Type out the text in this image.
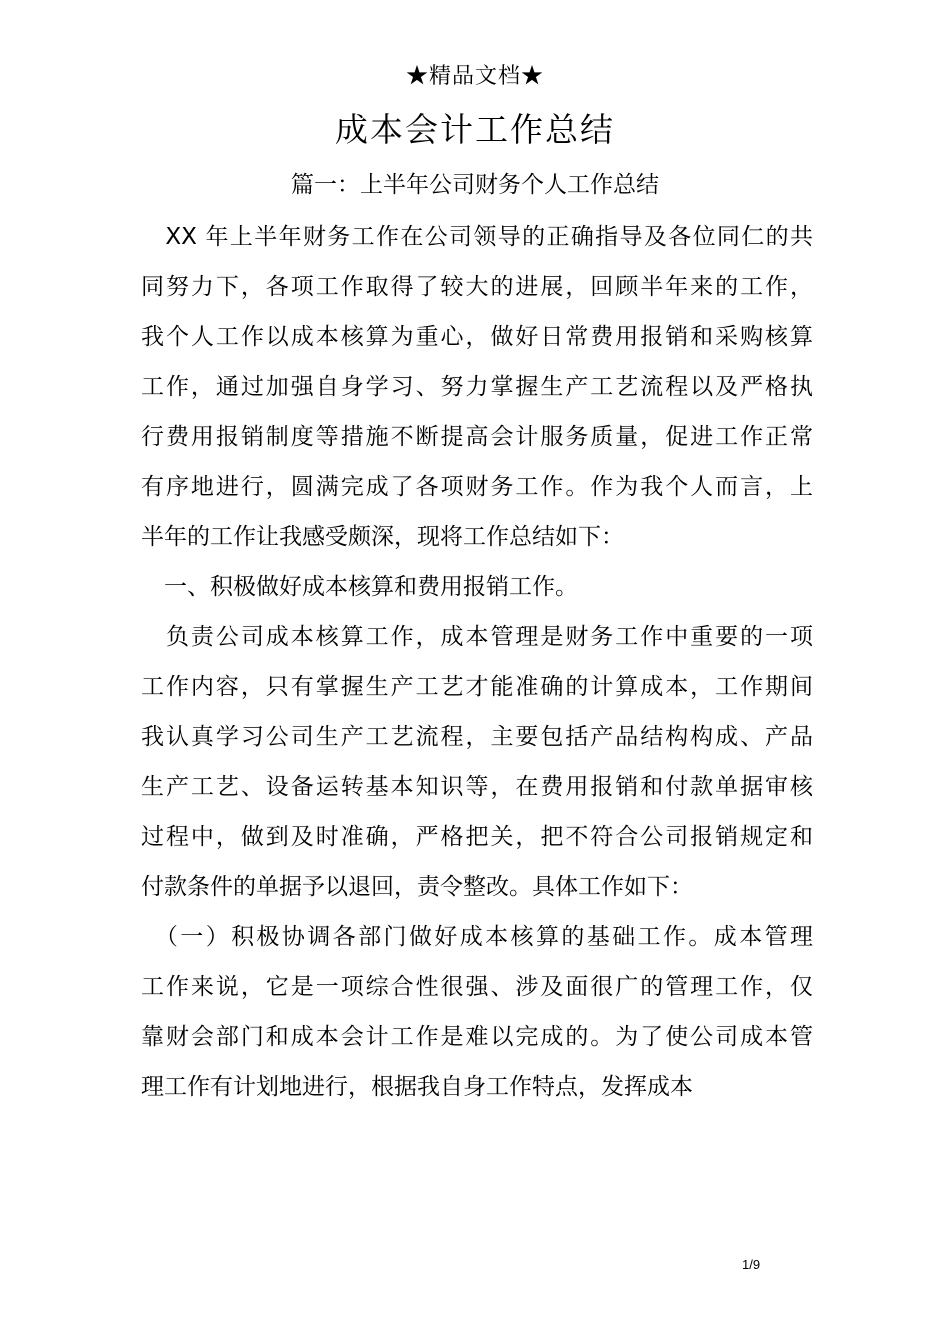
★精品文档★
成本会计工作总结
篇一：上半年公司财务个人工作总结
　XX 年上半年财务工作在公司领导的正确指导及各位同仁的共
同努力下，各项工作取得了较大的进展，回顾半年来的工作，
我个人工作以成本核算为重心，做好日常费用报销和采购核算
工作，通过加强自身学习、努力掌握生产工艺流程以及严格执
行费用报销制度等措施不断提高会计服务质量，促进工作正常
有序地进行，圆满完成了各项财务工作。作为我个人而言，上
半年的工作让我感受颇深，现将工作总结如下：
　一、积极做好成本核算和费用报销工作。
　负责公司成本核算工作，成本管理是财务工作中重要的一项
工作内容，只有掌握生产工艺才能准确的计算成本，工作期间
我认真学习公司生产工艺流程，主要包括产品结构构成、产品
生产工艺、设备运转基本知识等，在费用报销和付款单据审核
过程中，做到及时准确，严格把关，把不符合公司报销规定和
付款条件的单据予以退回，责令整改。具体工作如下：
　（一）积极协调各部门做好成本核算的基础工作。成本管理
工作来说，它是一项综合性很强、涉及面很广的管理工作，仅
靠财会部门和成本会计工作是难以完成的。为了使公司成本管
理工作有计划地进行，根据我自身工作特点，发挥成本
1/9
